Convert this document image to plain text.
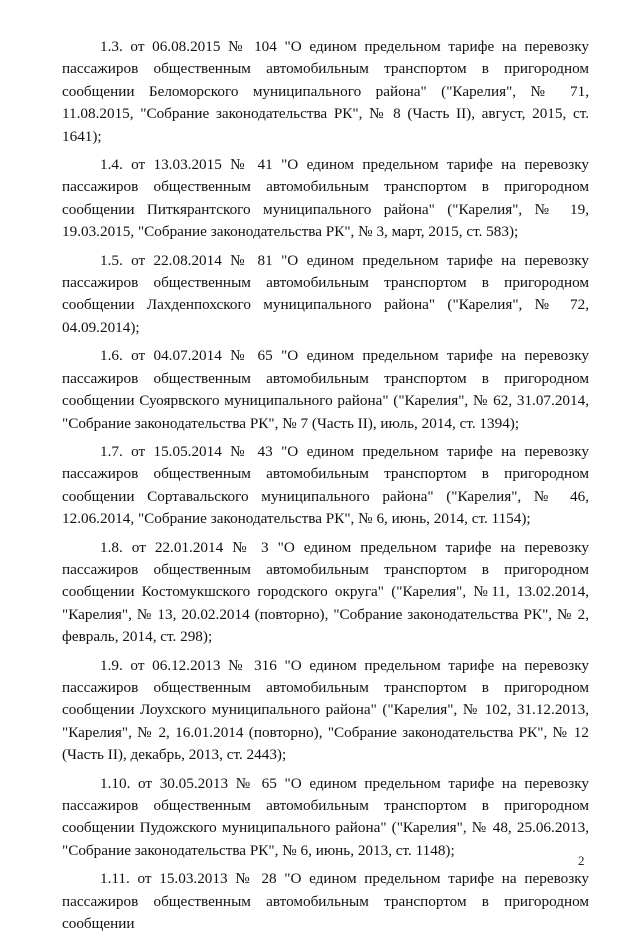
1.3. от 06.08.2015 № 104 "О едином предельном тарифе на перевозку пассажиров общественным автомобильным транспортом в пригородном сообщении Беломорского муниципального района" ("Карелия", № 71, 11.08.2015, "Собрание законодательства РК", № 8 (Часть II), август, 2015, ст. 1641);

1.4. от 13.03.2015 № 41 "О едином предельном тарифе на перевозку пассажиров общественным автомобильным транспортом в пригородном сообщении Питкярантского муниципального района" ("Карелия", № 19, 19.03.2015, "Собрание законодательства РК", № 3, март, 2015, ст. 583);

1.5. от 22.08.2014 № 81 "О едином предельном тарифе на перевозку пассажиров общественным автомобильным транспортом в пригородном сообщении Лахденпохского муниципального района" ("Карелия", № 72, 04.09.2014);

1.6. от 04.07.2014 № 65 "О едином предельном тарифе на перевозку пассажиров общественным автомобильным транспортом в пригородном сообщении Суоярвского муниципального района" ("Карелия", № 62, 31.07.2014, "Собрание законодательства РК", № 7 (Часть II), июль, 2014, ст. 1394);

1.7. от 15.05.2014 № 43 "О едином предельном тарифе на перевозку пассажиров общественным автомобильным транспортом в пригородном сообщении Сортавальского муниципального района" ("Карелия", № 46, 12.06.2014, "Собрание законодательства РК", № 6, июнь, 2014, ст. 1154);

1.8. от 22.01.2014 № 3 "О едином предельном тарифе на перевозку пассажиров общественным автомобильным транспортом в пригородном сообщении Костомукшского городского округа" ("Карелия", №11, 13.02.2014, "Карелия", № 13, 20.02.2014 (повторно), "Собрание законодательства РК", № 2, февраль, 2014, ст. 298);

1.9. от 06.12.2013 № 316 "О едином предельном тарифе на перевозку пассажиров общественным автомобильным транспортом в пригородном сообщении Лоухского муниципального района" ("Карелия", № 102, 31.12.2013, "Карелия", № 2, 16.01.2014 (повторно), "Собрание законодательства РК", № 12 (Часть II), декабрь, 2013, ст. 2443);

1.10. от 30.05.2013 № 65 "О едином предельном тарифе на перевозку пассажиров общественным автомобильным транспортом в пригородном сообщении Пудожского муниципального района" ("Карелия", № 48, 25.06.2013, "Собрание законодательства РК", № 6, июнь, 2013, ст. 1148);

1.11. от 15.03.2013 № 28 "О едином предельном тарифе на перевозку пассажиров общественным автомобильным транспортом в пригородном сообщении

2
